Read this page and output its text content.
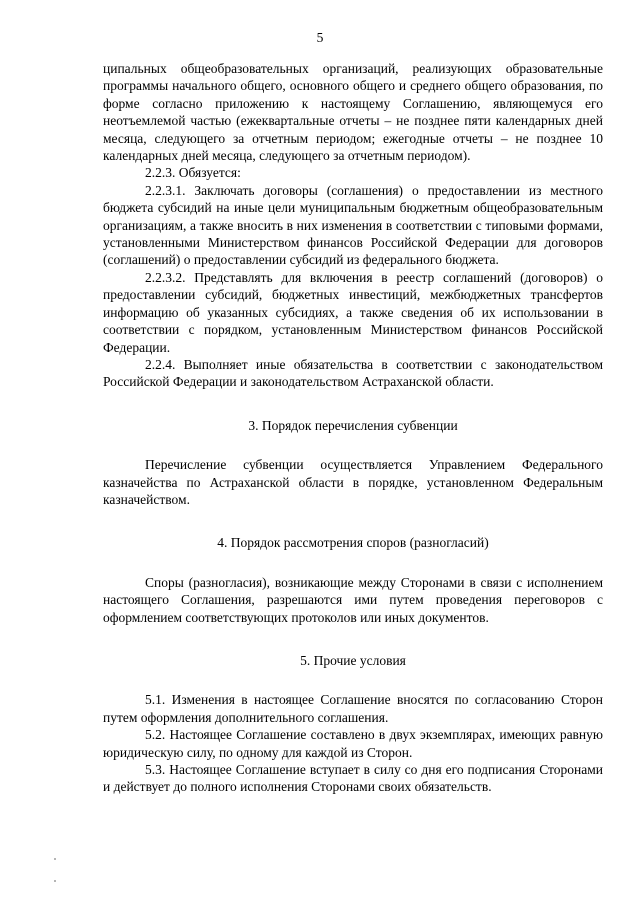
5

ципальных общеобразовательных организаций, реализующих образовательные программы начального общего, основного общего и среднего общего образования, по форме согласно приложению к настоящему Соглашению, являющемуся его неотъемлемой частью (ежеквартальные отчеты – не позднее пяти календарных дней месяца, следующего за отчетным периодом; ежегодные отчеты – не позднее 10 календарных дней месяца, следующего за отчетным периодом).

2.2.3. Обязуется:

2.2.3.1. Заключать договоры (соглашения) о предоставлении из местного бюджета субсидий на иные цели муниципальным бюджетным общеобразовательным организациям, а также вносить в них изменения в соответствии с типовыми формами, установленными Министерством финансов Российской Федерации для договоров (соглашений) о предоставлении субсидий из федерального бюджета.

2.2.3.2. Представлять для включения в реестр соглашений (договоров) о предоставлении субсидий, бюджетных инвестиций, межбюджетных трансфертов информацию об указанных субсидиях, а также сведения об их использовании в соответствии с порядком, установленным Министерством финансов Российской Федерации.

2.2.4. Выполняет иные обязательства в соответствии с законодательством Российской Федерации и законодательством Астраханской области.

3. Порядок перечисления субвенции

Перечисление субвенции осуществляется Управлением Федерального казначейства по Астраханской области в порядке, установленном Федеральным казначейством.

4. Порядок рассмотрения споров (разногласий)

Споры (разногласия), возникающие между Сторонами в связи с исполнением настоящего Соглашения, разрешаются ими путем проведения переговоров с оформлением соответствующих протоколов или иных документов.

5. Прочие условия

5.1. Изменения в настоящее Соглашение вносятся по согласованию Сторон путем оформления дополнительного соглашения.

5.2. Настоящее Соглашение составлено в двух экземплярах, имеющих равную юридическую силу, по одному для каждой из Сторон.

5.3. Настоящее Соглашение вступает в силу со дня его подписания Сторонами и действует до полного исполнения Сторонами своих обязательств.
